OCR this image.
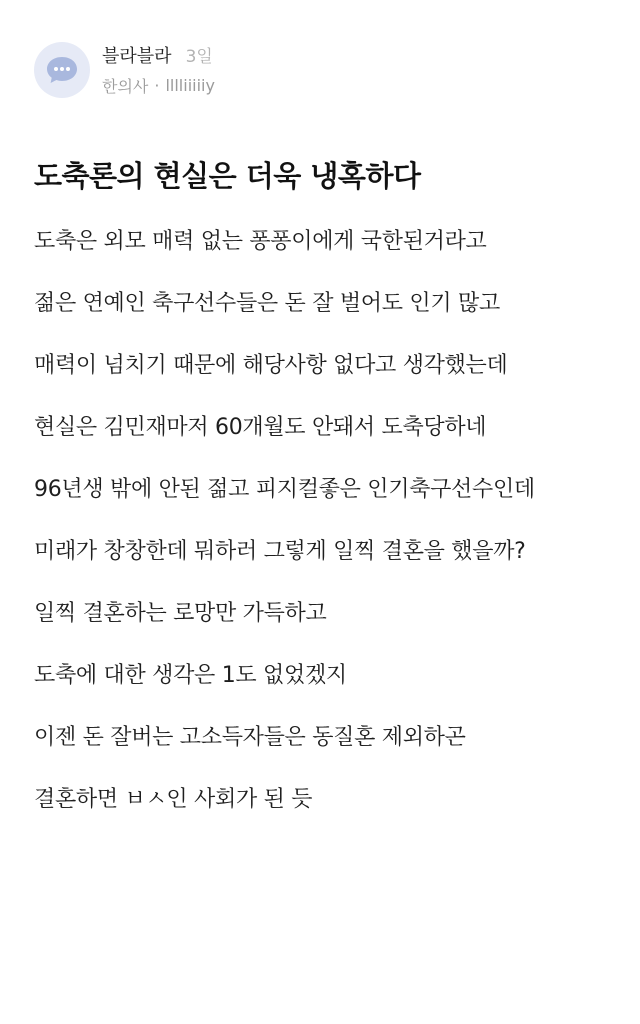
블라블라 3일
한의사 · lllliiiiiy
도축론의 현실은 더욱 냉혹하다
도축은 외모 매력 없는 퐁퐁이에게 국한된거라고
젊은 연예인 축구선수들은 돈 잘 벌어도 인기 많고
매력이 넘치기 때문에 해당사항 없다고 생각했는데
현실은 김민재마저 60개월도 안돼서 도축당하네
96년생 밖에 안된 젊고 피지컬좋은 인기축구선수인데
미래가 창창한데 뭐하러 그렇게 일찍 결혼을 했을까?
일찍 결혼하는 로망만 가득하고
도축에 대한 생각은 1도 없었겠지
이젠 돈 잘버는 고소득자들은 동질혼 제외하곤
결혼하면 ㅂㅅ인 사회가 된 듯
